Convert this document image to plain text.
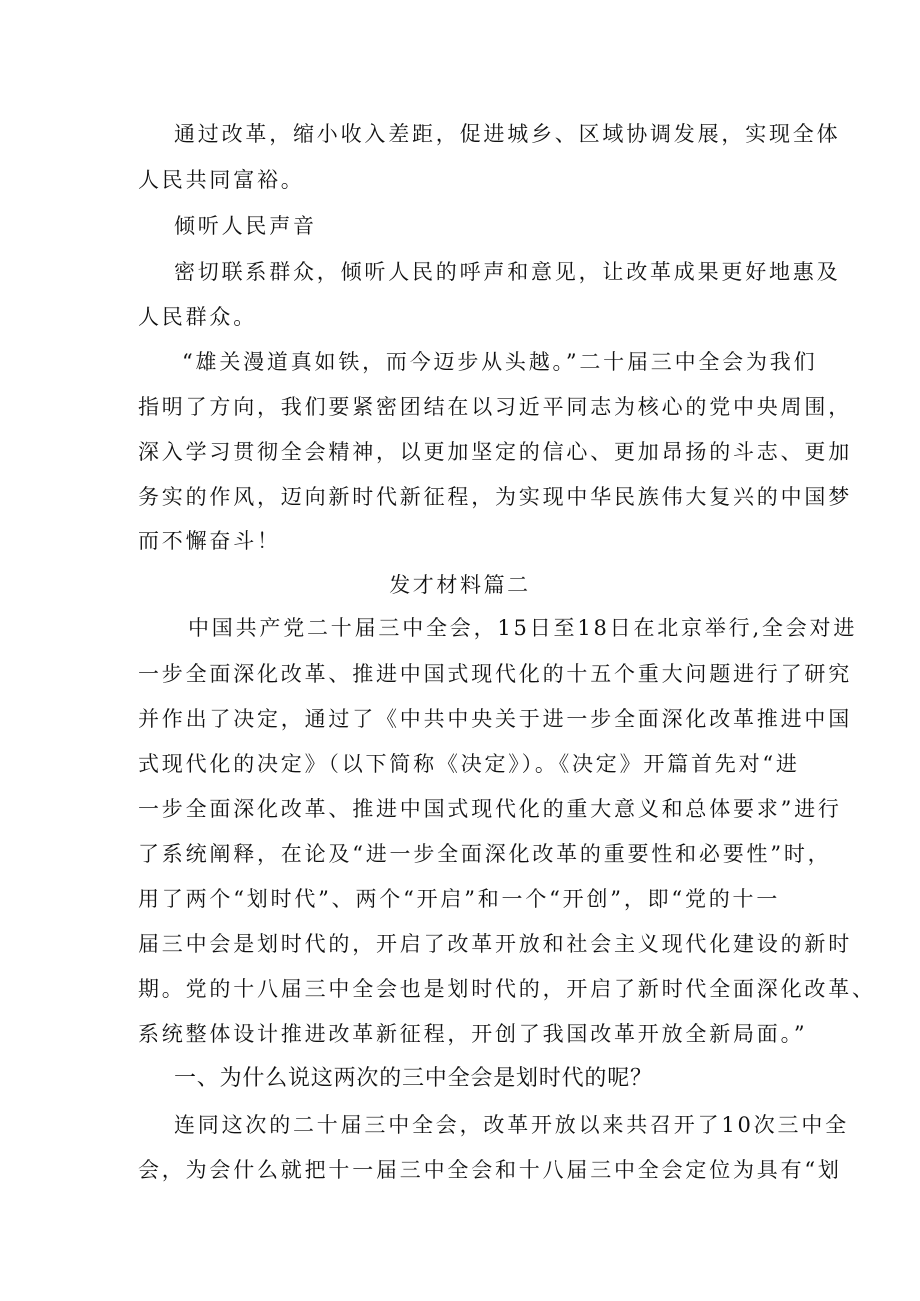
通过改革，缩小收入差距，促进城乡、区域协调发展，实现全体
人民共同富裕。
倾听人民声音
密切联系群众，倾听人民的呼声和意见，让改革成果更好地惠及
人民群众。
“雄关漫道真如铁，而今迈步从头越。”二十届三中全会为我们
指明了方向，我们要紧密团结在以习近平同志为核心的党中央周围，
深入学习贯彻全会精神，以更加坚定的信心、更加昂扬的斗志、更加
务实的作风，迈向新时代新征程，为实现中华民族伟大复兴的中国梦
而不懈奋斗！
发才材料篇二
中国共产党二十届三中全会，15日至18日在北京举行,全会对进
一步全面深化改革、推进中国式现代化的十五个重大问题进行了研究
并作出了决定，通过了《中共中央关于进一步全面深化改革推进中国
式现代化的决定》（以下简称《决定》）。《决定》开篇首先对“进
一步全面深化改革、推进中国式现代化的重大意义和总体要求”进行
了系统阐释，在论及“进一步全面深化改革的重要性和必要性”时，
用了两个“划时代”、两个“开启”和一个“开创”，即“党的十一
届三中会是划时代的，开启了改革开放和社会主义现代化建设的新时
期。党的十八届三中全会也是划时代的，开启了新时代全面深化改革、
系统整体设计推进改革新征程，开创了我国改革开放全新局面。”
一、为什么说这两次的三中全会是划时代的呢？
连同这次的二十届三中全会，改革开放以来共召开了10次三中全
会，为会什么就把十一届三中全会和十八届三中全会定位为具有“划
